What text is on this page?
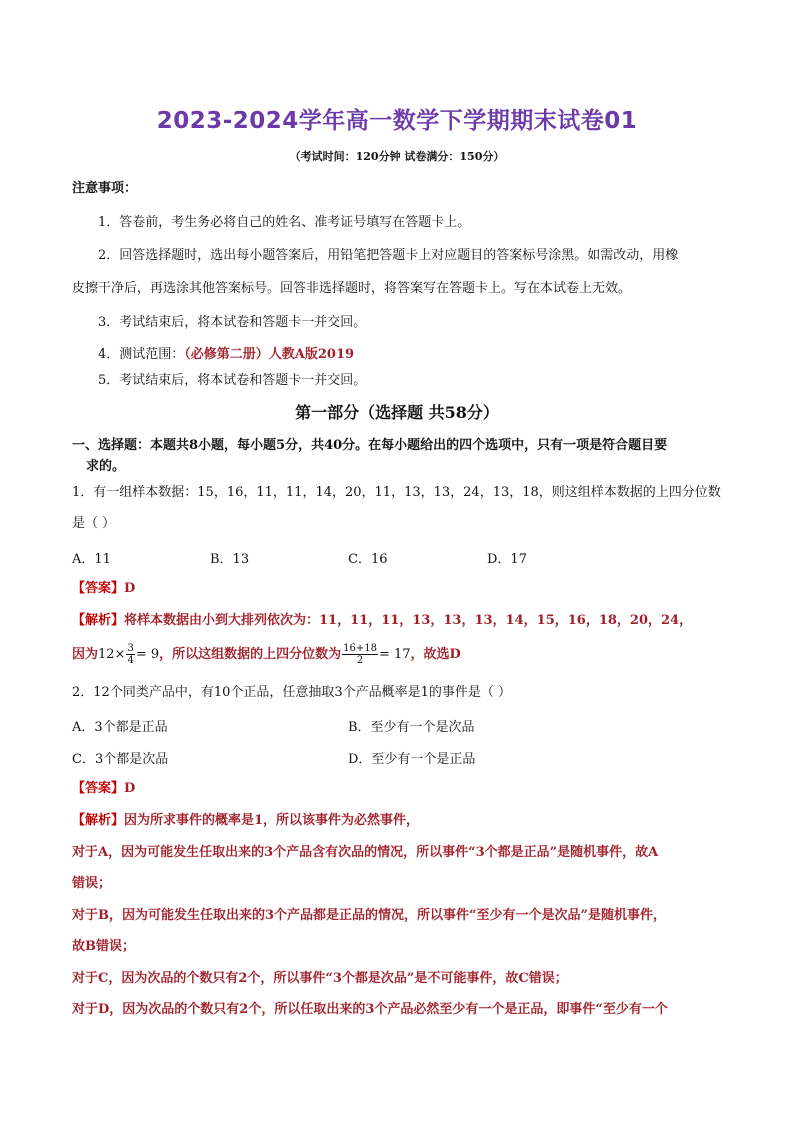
2023-2024学年高一数学下学期期末试卷01
（考试时间：120分钟 试卷满分：150分）
注意事项：
1．答卷前，考生务必将自己的姓名、准考证号填写在答题卡上。
2．回答选择题时，选出每小题答案后，用铅笔把答题卡上对应题目的答案标号涂黑。如需改动，用橡
皮擦干净后，再选涂其他答案标号。回答非选择题时，将答案写在答题卡上。写在本试卷上无效。
3．考试结束后，将本试卷和答题卡一并交回。
4．测试范围：（必修第二册）人教A版2019
5．考试结束后，将本试卷和答题卡一并交回。
第一部分（选择题 共58分）
一、选择题：本题共8小题，每小题5分，共40分。在每小题给出的四个选项中，只有一项是符合题目要
求的。
1．有一组样本数据：15，16，11，11，14，20，11，13，13，24，13，18，则这组样本数据的上四分位数
是（ ）
A．11	B．13	C．16	D．17
【答案】D
【解析】将样本数据由小到大排列依次为：11，11，11，13，13，13，14，15，16，18，20，24，
因为$12\times \frac{3}{4} = 9$，所以这组数据的上四分位数为 $\frac{16+18}{2} = 17$，故选D
2．12个同类产品中，有10个正品，任意抽取3个产品概率是1的事件是（ ）
A．3个都是正品	B．至少有一个是次品
C．3个都是次品	D．至少有一个是正品
【答案】D
【解析】因为所求事件的概率是1，所以该事件为必然事件，
对于A，因为可能发生任取出来的3个产品含有次品的情况，所以事件“3个都是正品”是随机事件，故A
错误；
对于B，因为可能发生任取出来的3个产品都是正品的情况，所以事件“至少有一个是次品”是随机事件，
故B错误；
对于C，因为次品的个数只有2个，所以事件“3个都是次品”是不可能事件，故C错误；
对于D，因为次品的个数只有2个，所以任取出来的3个产品必然至少有一个是正品，即事件“至少有一个
